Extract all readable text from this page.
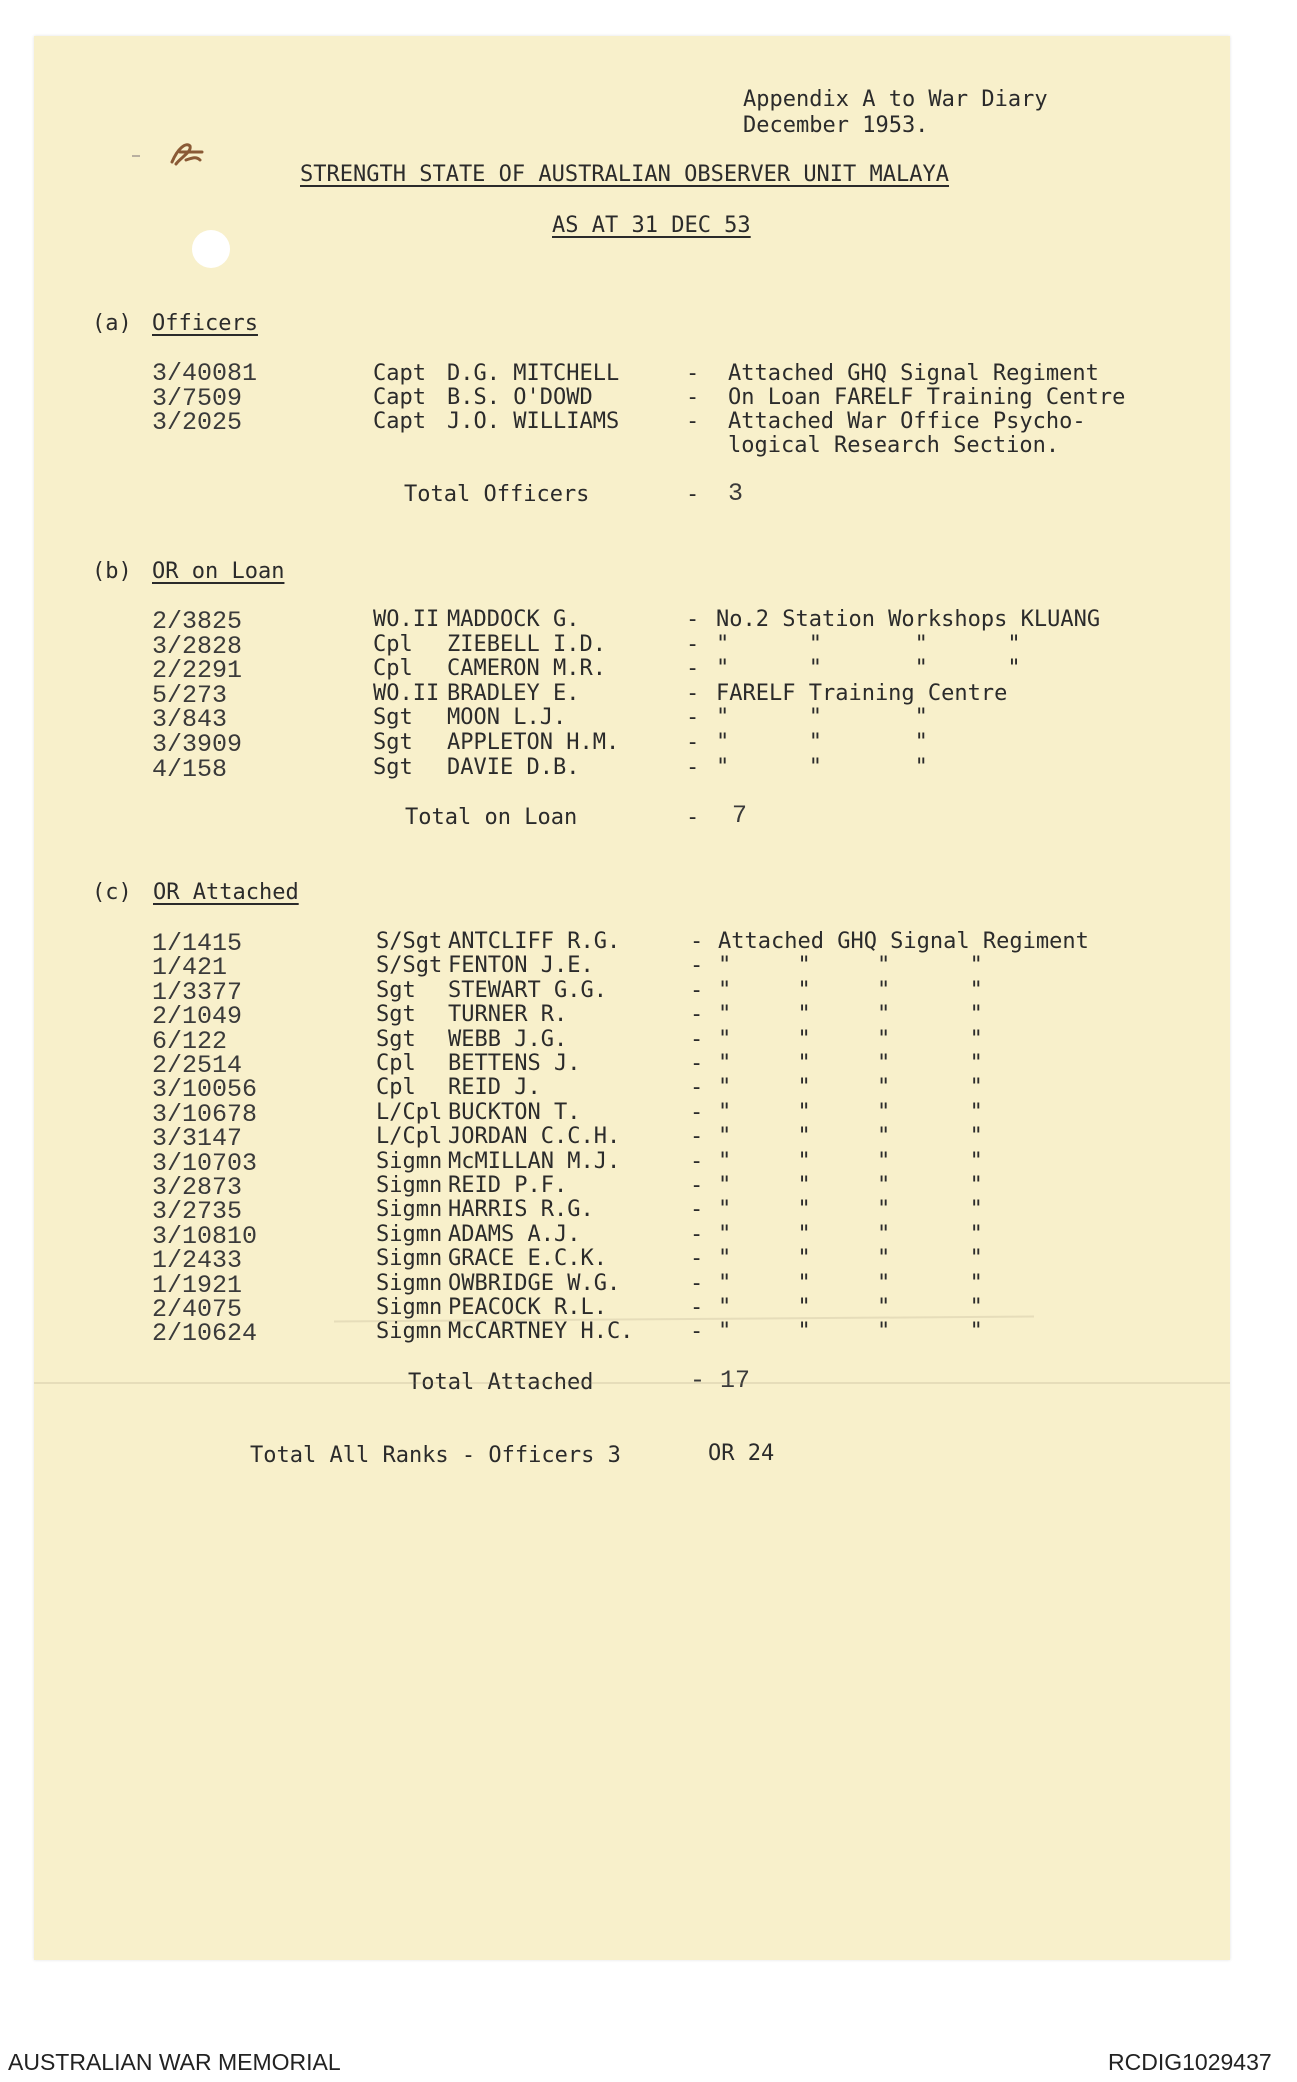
Appendix A to War Diary
December 1953.
STRENGTH STATE OF AUSTRALIAN OBSERVER UNIT MALAYA
AS AT 31 DEC 53
(a) Officers
3/40081	Capt D.G. MITCHELL	- Attached GHQ Signal Regiment
3/7509	Capt B.S. O'DOWD	- On Loan FARELF Training Centre
3/2025	Capt J.O. WILLIAMS	- Attached War Office Psycho-
logical Research Section.
Total Officers	- 3
(b) OR on Loan
2/3825	WO.II MADDOCK G.	- No.2 Station Workshops KLUANG
3/2828	Cpl ZIEBELL I.D.	- "      "       "      "
2/2291	Cpl CAMERON M.R.	- "      "       "      "
5/273	WO.II BRADLEY E.	- FARELF Training Centre
3/843	Sgt MOON L.J.	- "      "       "
3/3909	Sgt APPLETON H.M.	- "      "       "
4/158	Sgt DAVIE D.B.	- "      "       "
Total on Loan	- 7
(c) OR Attached
1/1415	S/Sgt ANTCLIFF R.G.	- Attached GHQ Signal Regiment
1/421	S/Sgt FENTON J.E.	- "     "     "      "
1/3377	Sgt STEWART G.G.	- "     "     "      "
2/1049	Sgt TURNER R.	- "     "     "      "
6/122	Sgt WEBB J.G.	- "     "     "      "
2/2514	Cpl BETTENS J.	- "     "     "      "
3/10056	Cpl REID J.	- "     "     "      "
3/10678	L/Cpl BUCKTON T.	- "     "     "      "
3/3147	L/Cpl JORDAN C.C.H.	- "     "     "      "
3/10703	Sigmn McMILLAN M.J.	- "     "     "      "
3/2873	Sigmn REID P.F.	- "     "     "      "
3/2735	Sigmn HARRIS R.G.	- "     "     "      "
3/10810	Sigmn ADAMS A.J.	- "     "     "      "
1/2433	Sigmn GRACE E.C.K.	- "     "     "      "
1/1921	Sigmn OWBRIDGE W.G.	- "     "     "      "
2/4075	Sigmn PEACOCK R.L.	- "     "     "      "
2/10624	Sigmn McCARTNEY H.C.	- "     "     "      "
Total Attached	- 17
Total All Ranks - Officers 3	OR 24
AUSTRALIAN WAR MEMORIAL	RCDIG1029437
